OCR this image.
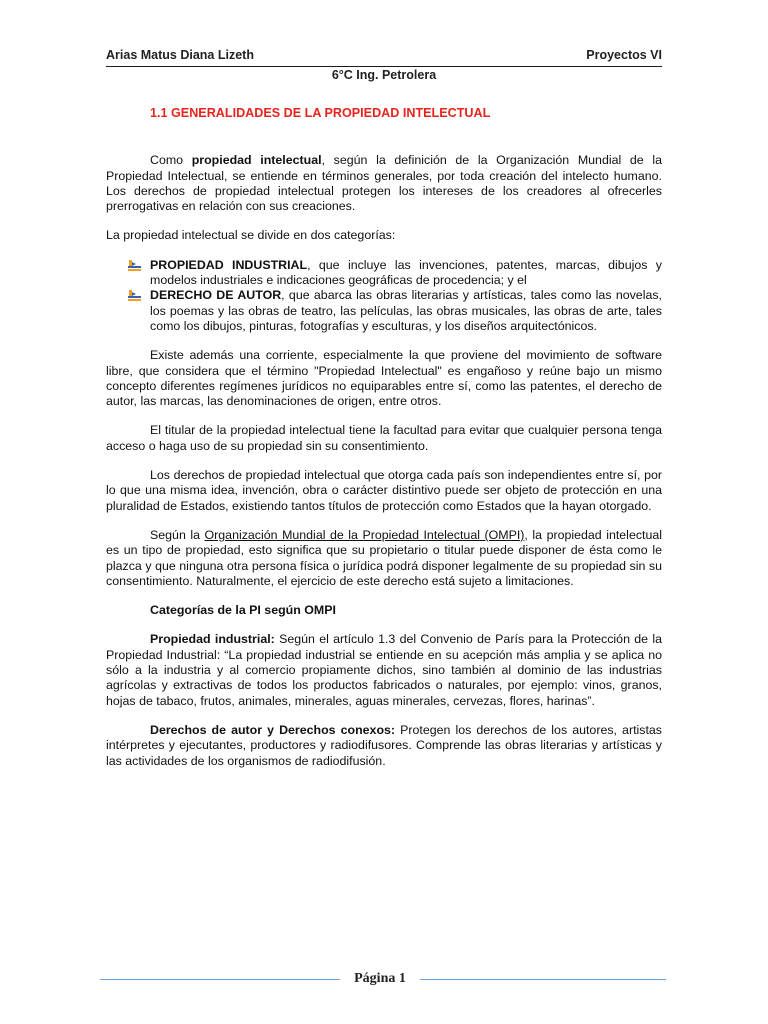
Arias Matus Diana Lizeth	Proyectos VI
6°C Ing. Petrolera
1.1 GENERALIDADES DE LA PROPIEDAD INTELECTUAL

Como propiedad intelectual, según la definición de la Organización Mundial de la Propiedad Intelectual, se entiende en términos generales, por toda creación del intelecto humano. Los derechos de propiedad intelectual protegen los intereses de los creadores al ofrecerles prerrogativas en relación con sus creaciones.

La propiedad intelectual se divide en dos categorías:

PROPIEDAD INDUSTRIAL, que incluye las invenciones, patentes, marcas, dibujos y modelos industriales e indicaciones geográficas de procedencia; y el
DERECHO DE AUTOR, que abarca las obras literarias y artísticas, tales como las novelas, los poemas y las obras de teatro, las películas, las obras musicales, las obras de arte, tales como los dibujos, pinturas, fotografías y esculturas, y los diseños arquitectónicos.

Existe además una corriente, especialmente la que proviene del movimiento de software libre, que considera que el término "Propiedad Intelectual" es engañoso y reúne bajo un mismo concepto diferentes regímenes jurídicos no equiparables entre sí, como las patentes, el derecho de autor, las marcas, las denominaciones de origen, entre otros.

El titular de la propiedad intelectual tiene la facultad para evitar que cualquier persona tenga acceso o haga uso de su propiedad sin su consentimiento.

Los derechos de propiedad intelectual que otorga cada país son independientes entre sí, por lo que una misma idea, invención, obra o carácter distintivo puede ser objeto de protección en una pluralidad de Estados, existiendo tantos títulos de protección como Estados que la hayan otorgado.

Según la Organización Mundial de la Propiedad Intelectual (OMPI), la propiedad intelectual es un tipo de propiedad, esto significa que su propietario o titular puede disponer de ésta como le plazca y que ninguna otra persona física o jurídica podrá disponer legalmente de su propiedad sin su consentimiento. Naturalmente, el ejercicio de este derecho está sujeto a limitaciones.

Categorías de la PI según OMPI

Propiedad industrial: Según el artículo 1.3 del Convenio de París para la Protección de la Propiedad Industrial: “La propiedad industrial se entiende en su acepción más amplia y se aplica no sólo a la industria y al comercio propiamente dichos, sino también al dominio de las industrias agrícolas y extractivas de todos los productos fabricados o naturales, por ejemplo: vinos, granos, hojas de tabaco, frutos, animales, minerales, aguas minerales, cervezas, flores, harinas”.

Derechos de autor y Derechos conexos: Protegen los derechos de los autores, artistas intérpretes y ejecutantes, productores y radiodifusores. Comprende las obras literarias y artísticas y las actividades de los organismos de radiodifusión.

Página 1
